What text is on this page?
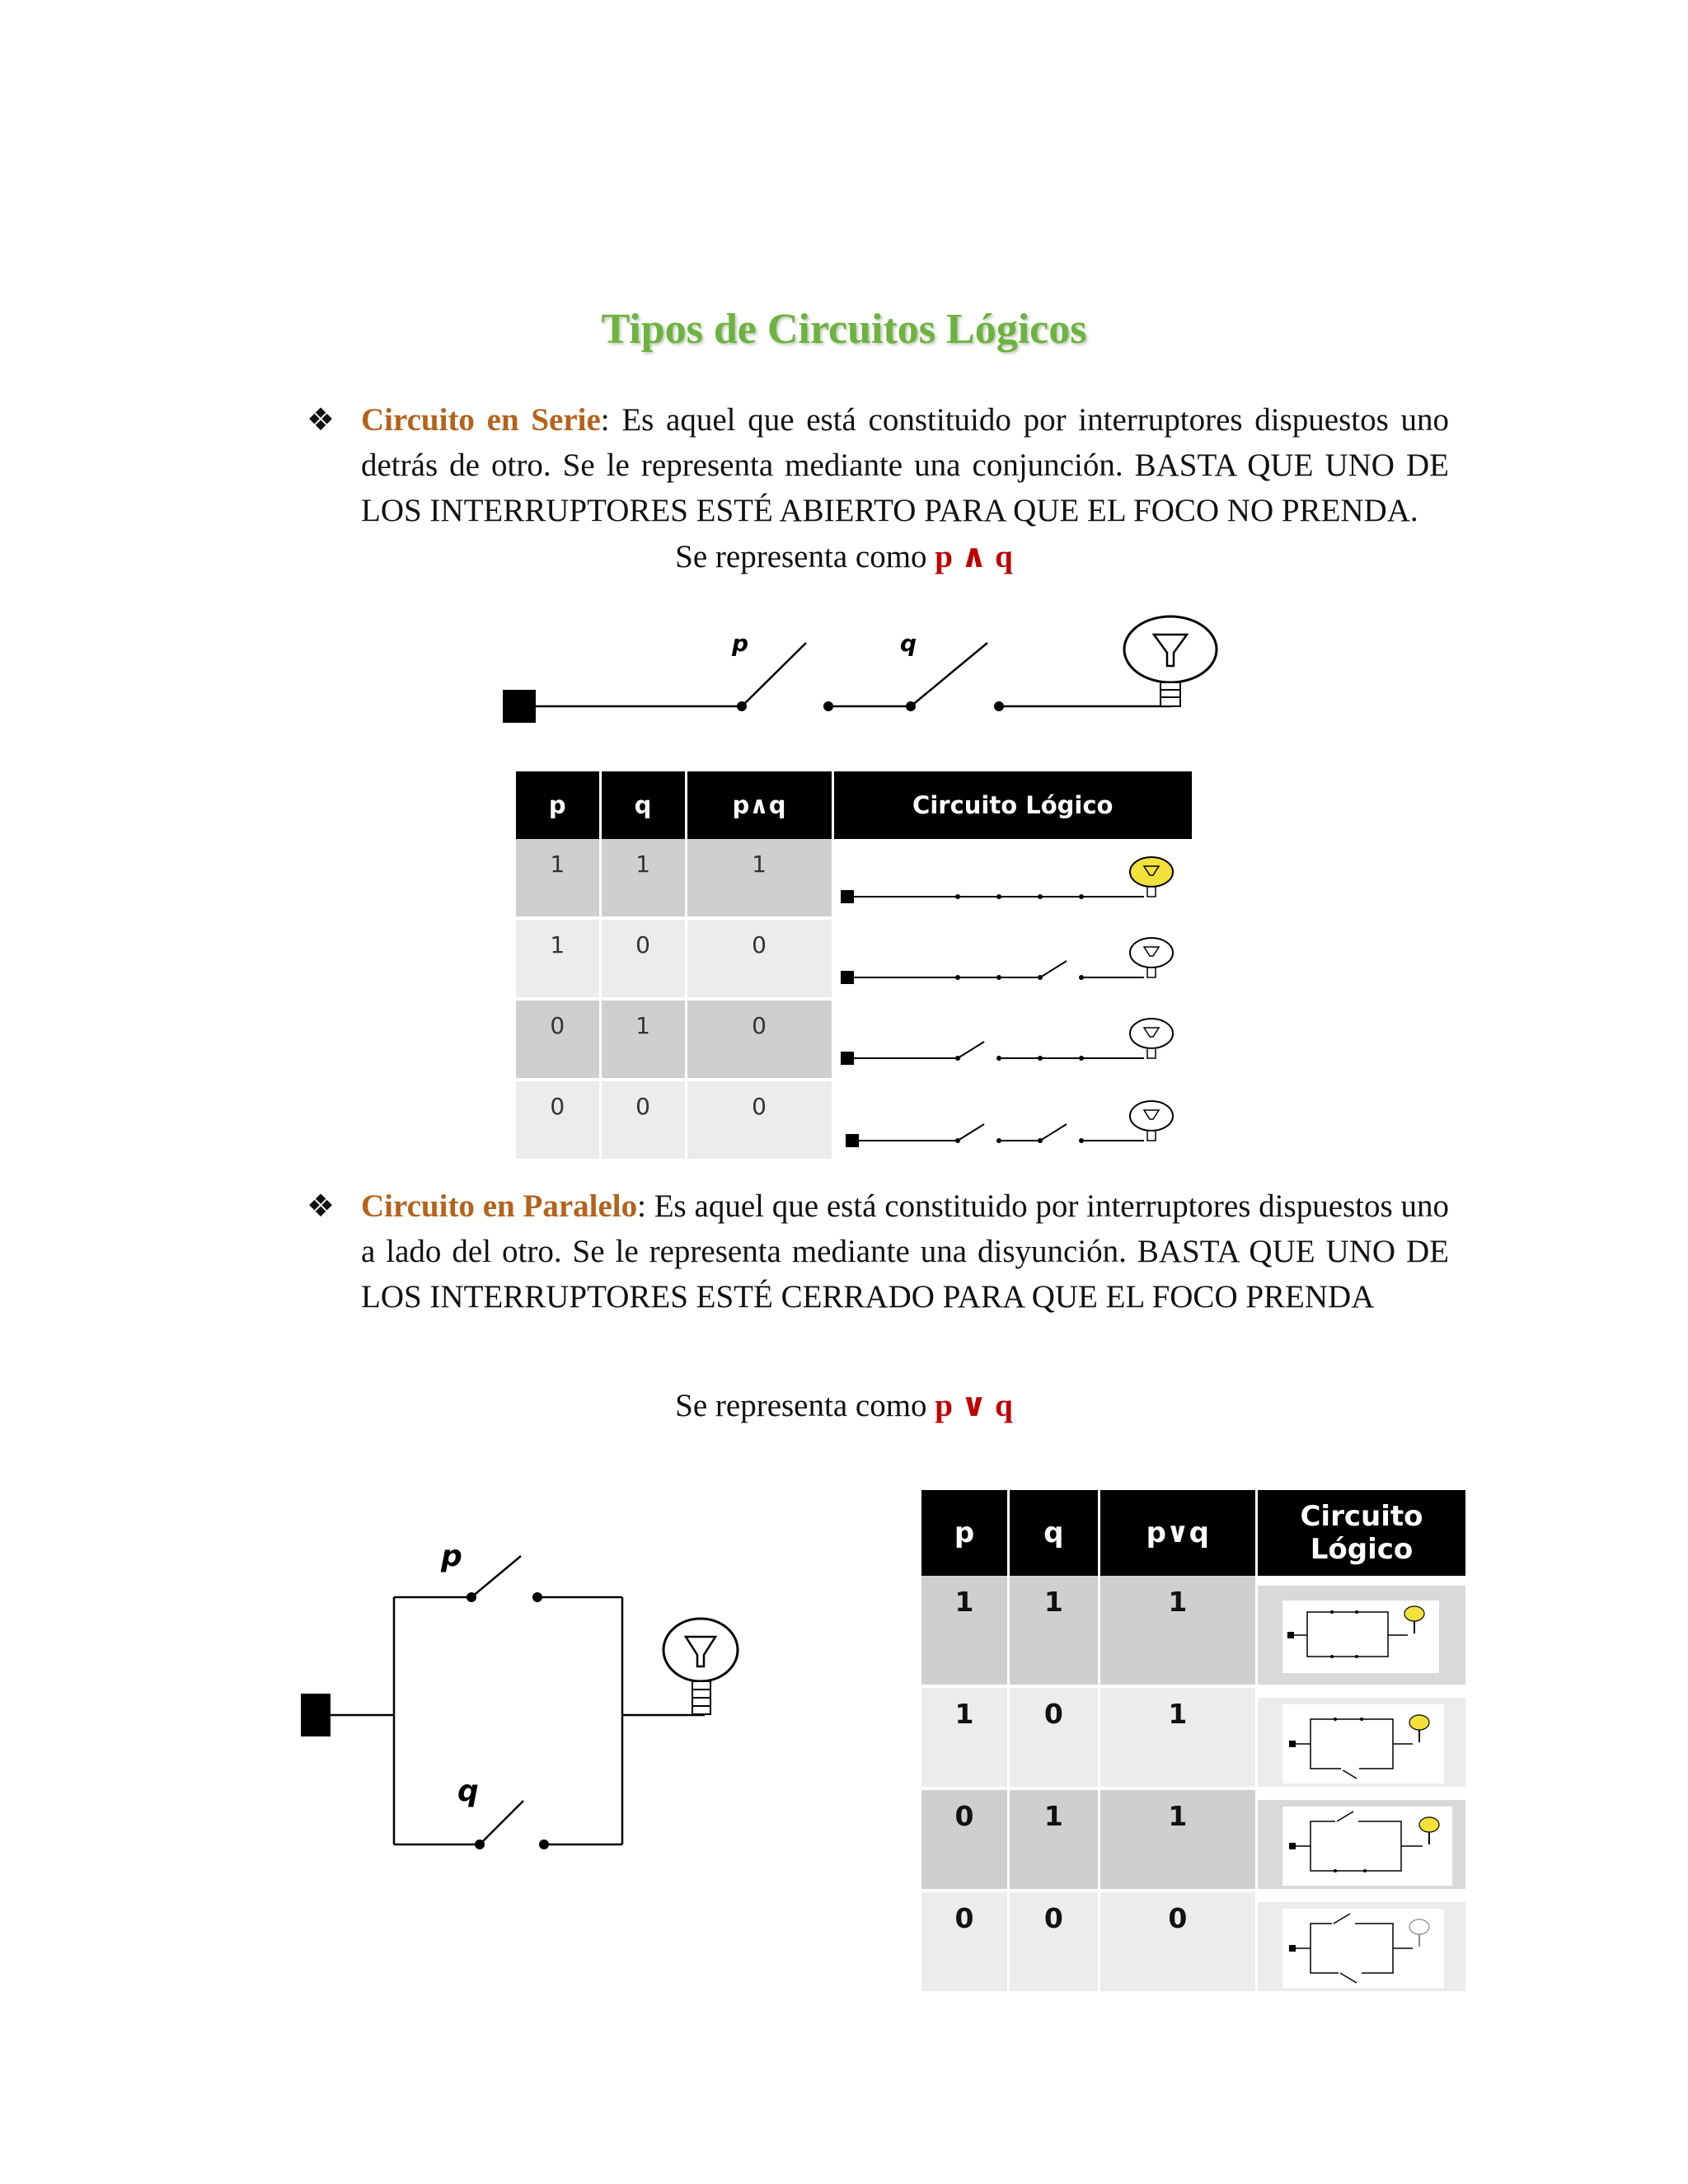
Tipos de Circuitos Lógicos
❖ Circuito en Serie: Es aquel que está constituido por interruptores dispuestos uno detrás de otro. Se le representa mediante una conjunción. BASTA QUE UNO DE LOS INTERRUPTORES ESTÉ ABIERTO PARA QUE EL FOCO NO PRENDA.
Se representa como p ∧ q
p	q
p	q	p∧q	Circuito Lógico
1	1	1	

1	0	0	

0	1	0	

0	0	0	
❖ Circuito en Paralelo: Es aquel que está constituido por interruptores dispuestos uno a lado del otro. Se le representa mediante una disyunción. BASTA QUE UNO DE LOS INTERRUPTORES ESTÉ CERRADO PARA QUE EL FOCO PRENDA
Se representa como p ∨ q
p
q
p	q	p∨q	Circuito
Lógico
1	1	1	

1	0	1	

0	1	1	

0	0	0	
